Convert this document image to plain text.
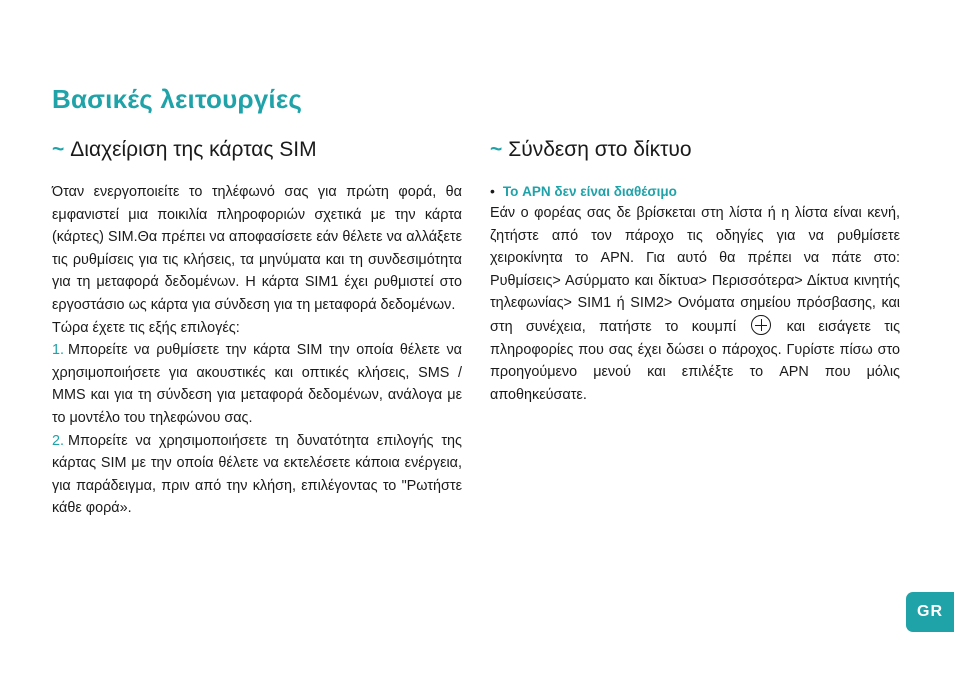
Βασικές λειτουργίες
~ Διαχείριση της κάρτας SIM

Όταν ενεργοποιείτε το τηλέφωνό σας για πρώτη φορά, θα εμφανιστεί μια ποικιλία πληροφοριών σχετικά με την κάρτα (κάρτες) SIM.Θα πρέπει να αποφασίσετε εάν θέλετε να αλλάξετε τις ρυθμίσεις για τις κλήσεις, τα μηνύματα και τη συνδεσιμότητα για τη μεταφορά δεδομένων. Η κάρτα SIM1 έχει ρυθμιστεί στο εργοστάσιο ως κάρτα για σύνδεση για τη μεταφορά δεδομένων.

Τώρα έχετε τις εξής επιλογές:

1. Μπορείτε να ρυθμίσετε την κάρτα SIM την οποία θέλετε να χρησιμοποιήσετε για ακουστικές και οπτικές κλήσεις, SMS / MMS και για τη σύνδεση για μεταφορά δεδομένων, ανάλογα με το μοντέλο του τηλεφώνου σας.

2. Μπορείτε να χρησιμοποιήσετε τη δυνατότητα επιλογής της κάρτας SIM με την οποία θέλετε να εκτελέσετε κάποια ενέργεια, για παράδειγμα, πριν από την κλήση, επιλέγοντας το "Ρωτήστε κάθε φορά».

~ Σύνδεση στο δίκτυο
• Το APN δεν είναι διαθέσιμο

Εάν ο φορέας σας δε βρίσκεται στη λίστα ή η λίστα είναι κενή, ζητήστε από τον πάροχο τις οδηγίες για να ρυθμίσετε χειροκίνητα το APN. Για αυτό θα πρέπει να πάτε στο: Ρυθμίσεις> Ασύρματο και δίκτυα> Περισσότερα> Δίκτυα κινητής τηλεφωνίας> SIM1 ή SIM2> Ονόματα σημείου πρόσβασης, και στη συνέχεια, πατήστε το κουμπί	και εισάγετε τις πληροφορίες που σας έχει δώσει ο πάροχος. Γυρίστε πίσω στο προηγούμενο μενού και επιλέξτε το APN που μόλις αποθηκεύσατε.

GR
